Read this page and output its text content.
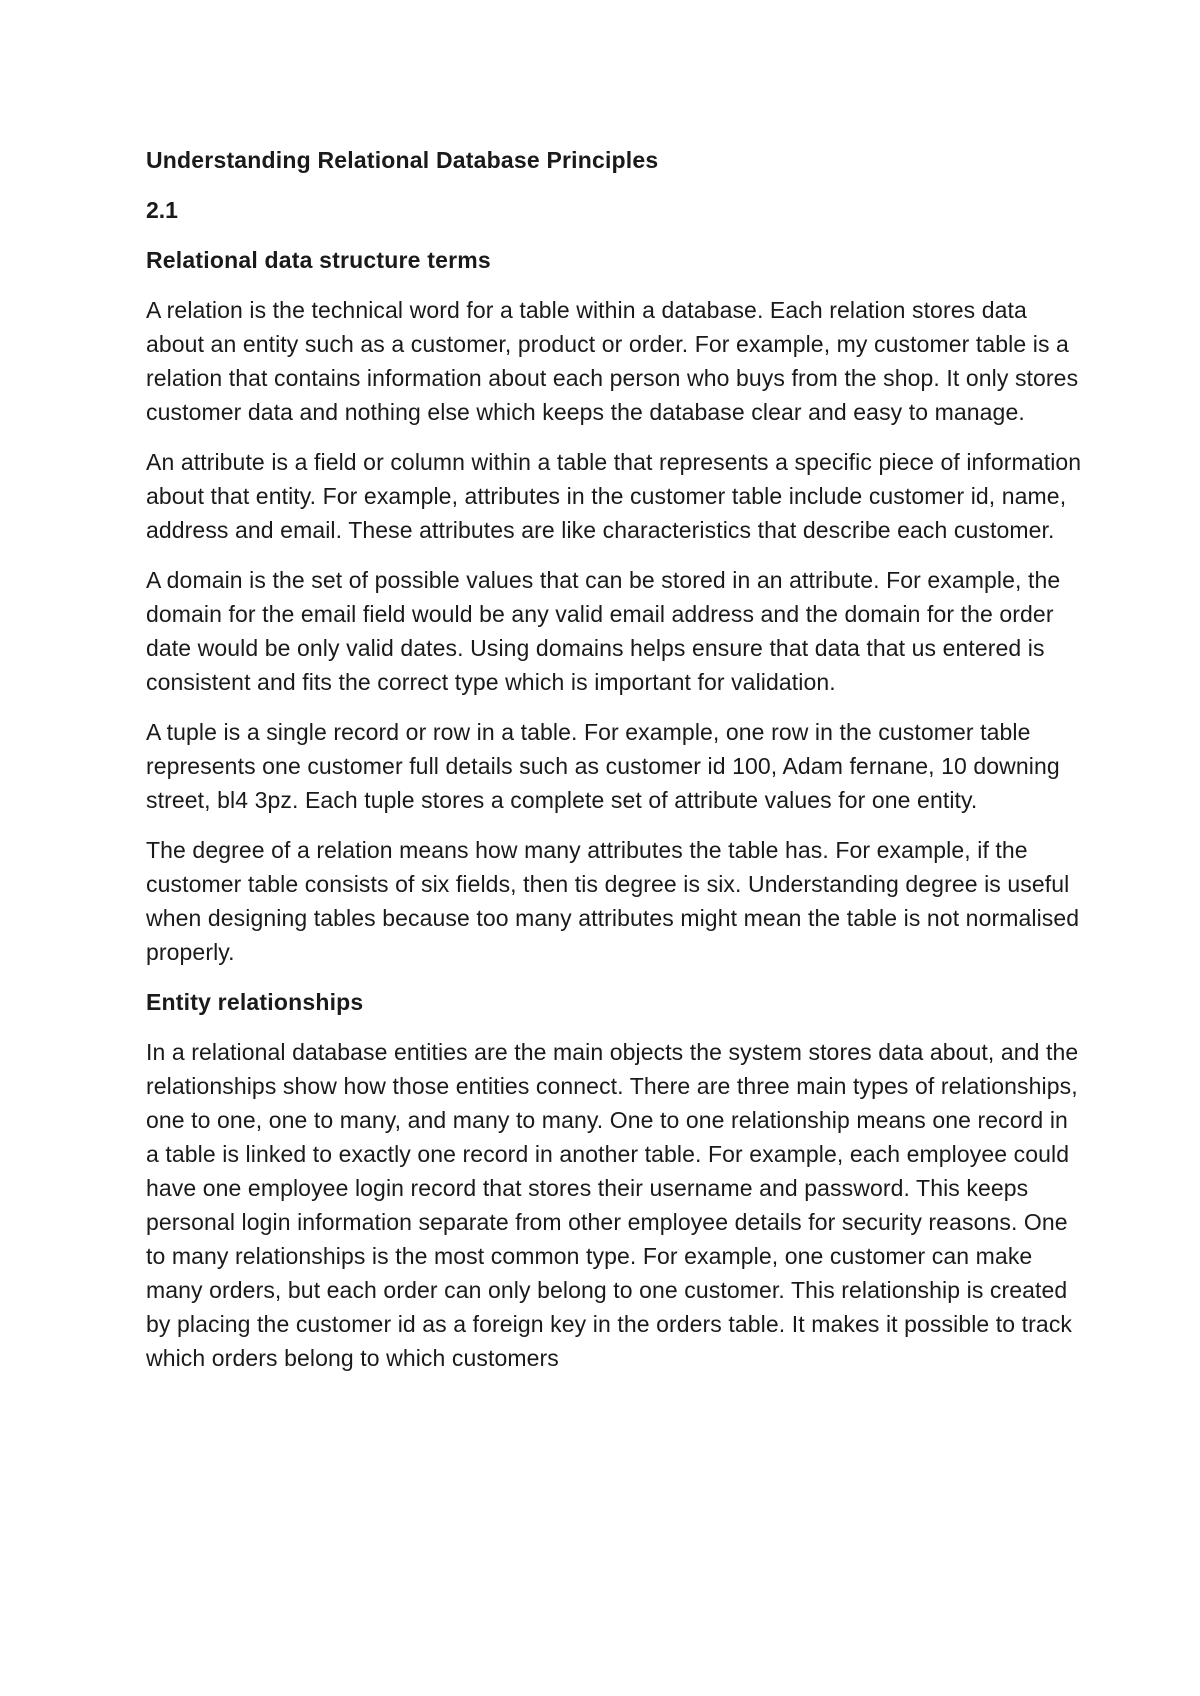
Understanding Relational Database Principles
2.1
Relational data structure terms

A relation is the technical word for a table within a database. Each relation stores data about an entity such as a customer, product or order. For example, my customer table is a relation that contains information about each person who buys from the shop. It only stores customer data and nothing else which keeps the database clear and easy to manage.

An attribute is a field or column within a table that represents a specific piece of information about that entity. For example, attributes in the customer table include customer id, name, address and email. These attributes are like characteristics that describe each customer.

A domain is the set of possible values that can be stored in an attribute. For example, the domain for the email field would be any valid email address and the domain for the order date would be only valid dates. Using domains helps ensure that data that us entered is consistent and fits the correct type which is important for validation.

A tuple is a single record or row in a table. For example, one row in the customer table represents one customer full details such as customer id 100, Adam fernane, 10 downing street, bl4 3pz. Each tuple stores a complete set of attribute values for one entity.

The degree of a relation means how many attributes the table has. For example, if the customer table consists of six fields, then tis degree is six. Understanding degree is useful when designing tables because too many attributes might mean the table is not normalised properly.

Entity relationships

In a relational database entities are the main objects the system stores data about, and the relationships show how those entities connect. There are three main types of relationships, one to one, one to many, and many to many. One to one relationship means one record in a table is linked to exactly one record in another table. For example, each employee could have one employee login record that stores their username and password. This keeps personal login information separate from other employee details for security reasons. One to many relationships is the most common type. For example, one customer can make many orders, but each order can only belong to one customer. This relationship is created by placing the customer id as a foreign key in the orders table. It makes it possible to track which orders belong to which customers
